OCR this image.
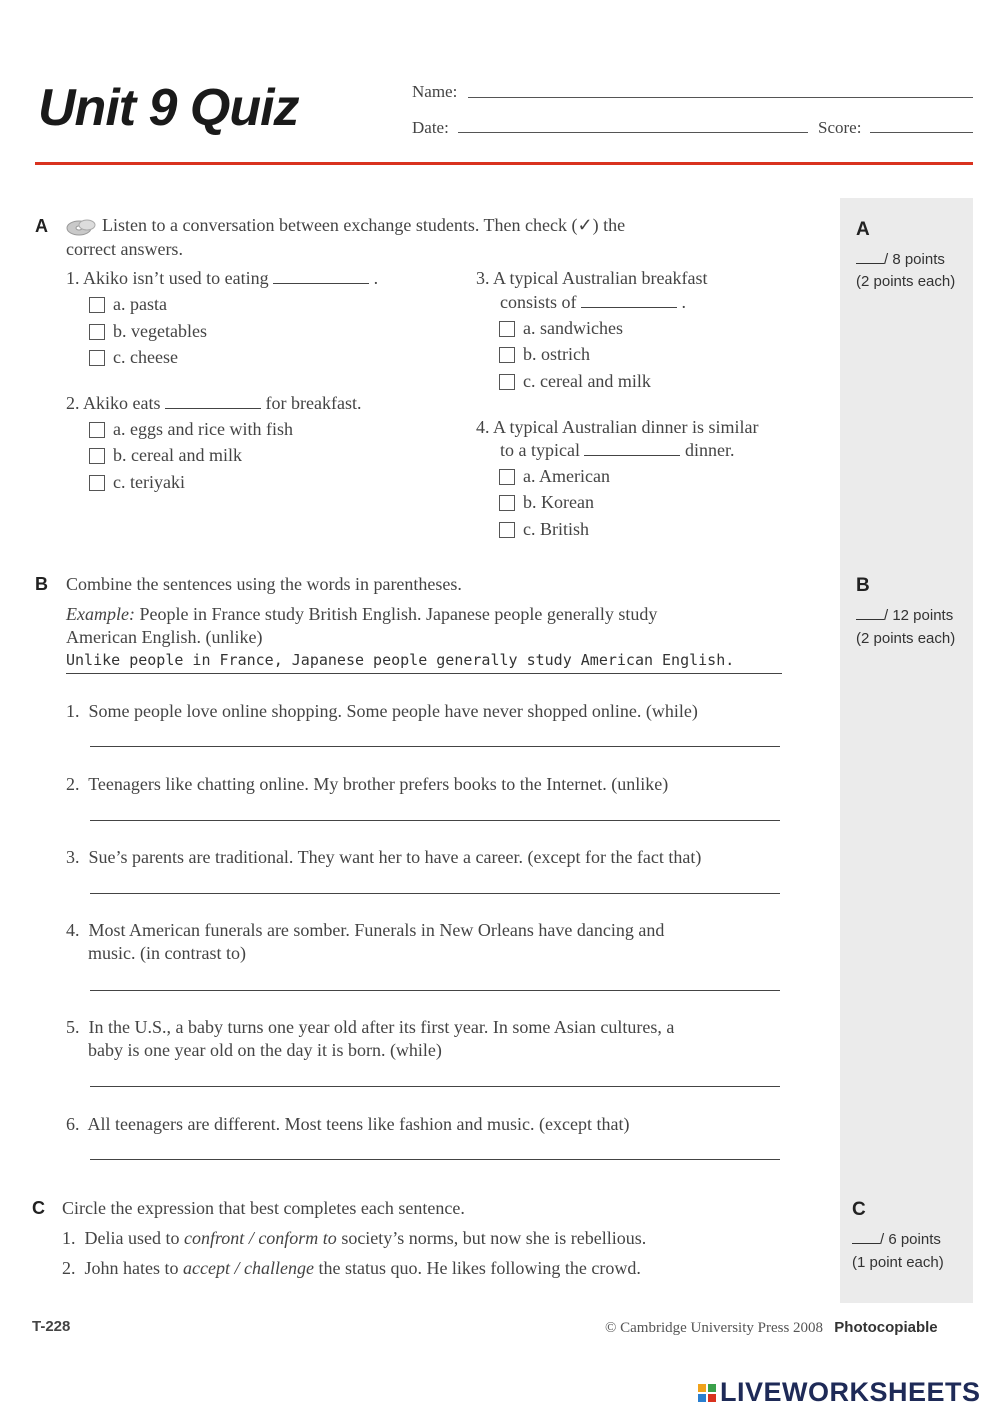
Unit 9 Quiz	Name:
Date:	Score:
A
/ 8 points
(2 points each)
B
/ 12 points
(2 points each)
C
/ 6 points
(1 point each)
A	Listen to a conversation between exchange students. Then check (✓) the
correct answers.
1. Akiko isn’t used to eating	.
a. pasta
b. vegetables
c. cheese
2. Akiko eats	for breakfast.
a. eggs and rice with fish
b. cereal and milk
c. teriyaki
3. A typical Australian breakfast
consists of	.
a. sandwiches
b. ostrich
c. cereal and milk
4. A typical Australian dinner is similar
to a typical	dinner.
a. American
b. Korean
c. British
B Combine the sentences using the words in parentheses.
Example: People in France study British English. Japanese people generally study
American English. (unlike)
Unlike people in France, Japanese people generally study American English.
1. Some people love online shopping. Some people have never shopped online. (while)
2. Teenagers like chatting online. My brother prefers books to the Internet. (unlike)
3. Sue’s parents are traditional. They want her to have a career. (except for the fact that)
4. Most American funerals are somber. Funerals in New Orleans have dancing and
music. (in contrast to)
5. In the U.S., a baby turns one year old after its first year. In some Asian cultures, a
baby is one year old on the day it is born. (while)
6. All teenagers are different. Most teens like fashion and music. (except that)
C Circle the expression that best completes each sentence.
1. Delia used to confront / conform to society’s norms, but now she is rebellious.
2. John hates to accept / challenge the status quo. He likes following the crowd.
T-228	© Cambridge University Press 2008 Photocopiable
LIVEWORKSHEETS
